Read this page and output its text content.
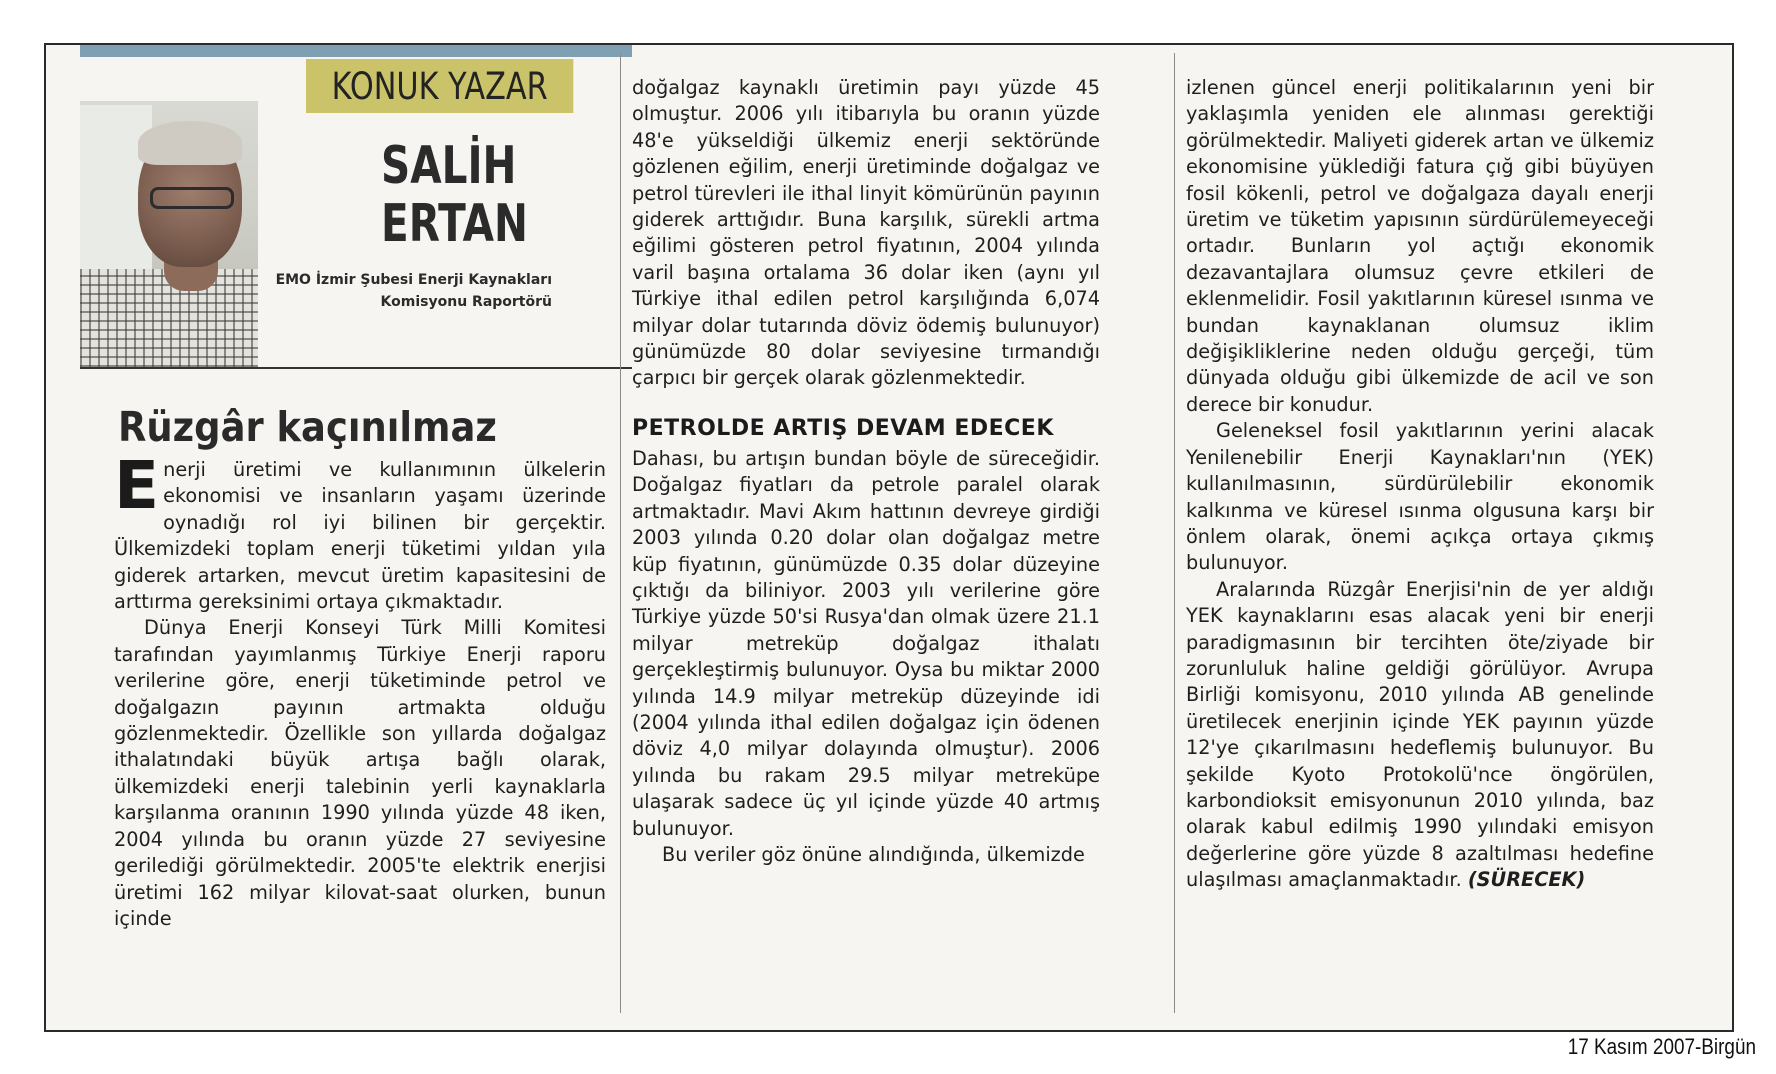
KONUK YAZAR
SALİH
ERTAN
EMO İzmir Şubesi Enerji Kaynakları
Komisyonu Raportörü
Rüzgâr kaçınılmaz

Enerji üretimi ve kullanımının ülkelerin ekonomisi ve insanların yaşamı üzerinde oynadığı rol iyi bilinen bir gerçektir. Ülkemizdeki toplam enerji tüketimi yıldan yıla giderek artarken, mevcut üretim kapasitesini de arttırma gereksinimi ortaya çıkmaktadır.

Dünya Enerji Konseyi Türk Milli Komitesi tarafından yayımlanmış Türkiye Enerji raporu verilerine göre, enerji tüketiminde petrol ve doğalgazın payının artmakta olduğu gözlenmektedir. Özellikle son yıllarda doğalgaz ithalatındaki büyük artışa bağlı olarak, ülkemizdeki enerji talebinin yerli kaynaklarla karşılanma oranının 1990 yılında yüzde 48 iken, 2004 yılında bu oranın yüzde 27 seviyesine gerilediği görülmektedir. 2005'te elektrik enerjisi üretimi 162 milyar kilovat-saat olurken, bunun içinde

doğalgaz kaynaklı üretimin payı yüzde 45 olmuştur. 2006 yılı itibarıyla bu oranın yüzde 48'e yükseldiği ülkemiz enerji sektöründe gözlenen eğilim, enerji üretiminde doğalgaz ve petrol türevleri ile ithal linyit kömürünün payının giderek arttığıdır. Buna karşılık, sürekli artma eğilimi gösteren petrol fiyatının, 2004 yılında varil başına ortalama 36 dolar iken (aynı yıl Türkiye ithal edilen petrol karşılığında 6,074 milyar dolar tutarında döviz ödemiş bulunuyor) günümüzde 80 dolar seviyesine tırmandığı çarpıcı bir gerçek olarak gözlenmektedir.

PETROLDE ARTIŞ DEVAM EDECEK

Dahası, bu artışın bundan böyle de süreceğidir. Doğalgaz fiyatları da petrole paralel olarak artmaktadır. Mavi Akım hattının devreye girdiği 2003 yılında 0.20 dolar olan doğalgaz metre küp fiyatının, günümüzde 0.35 dolar düzeyine çıktığı da biliniyor. 2003 yılı verilerine göre Türkiye yüzde 50'si Rusya'dan olmak üzere 21.1 milyar metreküp doğalgaz ithalatı gerçekleştirmiş bulunuyor. Oysa bu miktar 2000 yılında 14.9 milyar metreküp düzeyinde idi (2004 yılında ithal edilen doğalgaz için ödenen döviz 4,0 milyar dolayında olmuştur). 2006 yılında bu rakam 29.5 milyar metreküpe ulaşarak sadece üç yıl içinde yüzde 40 artmış bulunuyor.

Bu veriler göz önüne alındığında, ülkemizde

izlenen güncel enerji politikalarının yeni bir yaklaşımla yeniden ele alınması gerektiği görülmektedir. Maliyeti giderek artan ve ülkemiz ekonomisine yüklediği fatura çığ gibi büyüyen fosil kökenli, petrol ve doğalgaza dayalı enerji üretim ve tüketim yapısının sürdürülemeyeceği ortadır. Bunların yol açtığı ekonomik dezavantajlara olumsuz çevre etkileri de eklenmelidir. Fosil yakıtlarının küresel ısınma ve bundan kaynaklanan olumsuz iklim değişikliklerine neden olduğu gerçeği, tüm dünyada olduğu gibi ülkemizde de acil ve son derece bir konudur.

Geleneksel fosil yakıtlarının yerini alacak Yenilenebilir Enerji Kaynakları'nın (YEK) kullanılmasının, sürdürülebilir ekonomik kalkınma ve küresel ısınma olgusuna karşı bir önlem olarak, önemi açıkça ortaya çıkmış bulunuyor.

Aralarında Rüzgâr Enerjisi'nin de yer aldığı YEK kaynaklarını esas alacak yeni bir enerji paradigmasının bir tercihten öte/ziyade bir zorunluluk haline geldiği görülüyor. Avrupa Birliği komisyonu, 2010 yılında AB genelinde üretilecek enerjinin içinde YEK payının yüzde 12'ye çıkarılmasını hedeflemiş bulunuyor. Bu şekilde Kyoto Protokolü'nce öngörülen, karbondioksit emisyonunun 2010 yılında, baz olarak kabul edilmiş 1990 yılındaki emisyon değerlerine göre yüzde 8 azaltılması hedefine ulaşılması amaçlanmaktadır. (SÜRECEK)

17 Kasım 2007-Birgün
